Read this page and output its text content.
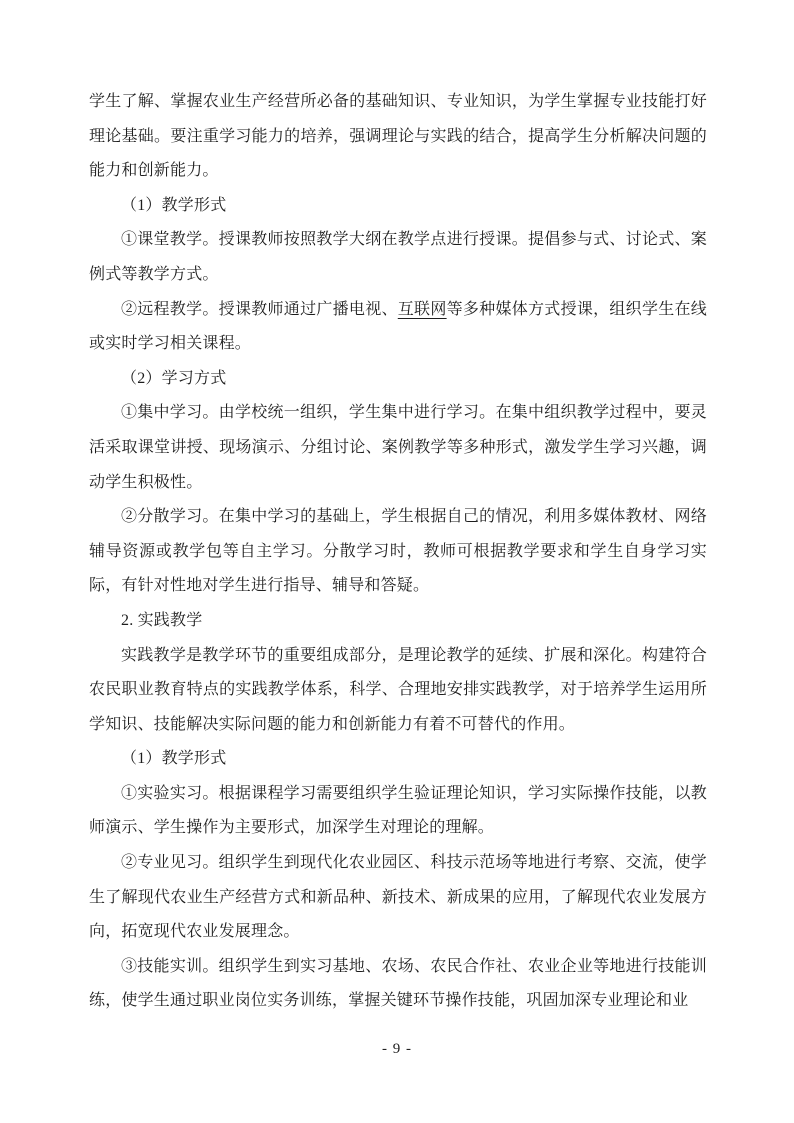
学生了解、掌握农业生产经营所必备的基础知识、专业知识，为学生掌握专业技能打好理论基础。要注重学习能力的培养，强调理论与实践的结合，提高学生分析解决问题的能力和创新能力。

（1）教学形式

①课堂教学。授课教师按照教学大纲在教学点进行授课。提倡参与式、讨论式、案例式等教学方式。

②远程教学。授课教师通过广播电视、互联网等多种媒体方式授课，组织学生在线或实时学习相关课程。

（2）学习方式

①集中学习。由学校统一组织，学生集中进行学习。在集中组织教学过程中，要灵活采取课堂讲授、现场演示、分组讨论、案例教学等多种形式，激发学生学习兴趣，调动学生积极性。

②分散学习。在集中学习的基础上，学生根据自己的情况，利用多媒体教材、网络辅导资源或教学包等自主学习。分散学习时，教师可根据教学要求和学生自身学习实际，有针对性地对学生进行指导、辅导和答疑。

2. 实践教学

实践教学是教学环节的重要组成部分，是理论教学的延续、扩展和深化。构建符合农民职业教育特点的实践教学体系，科学、合理地安排实践教学，对于培养学生运用所学知识、技能解决实际问题的能力和创新能力有着不可替代的作用。

（1）教学形式

①实验实习。根据课程学习需要组织学生验证理论知识，学习实际操作技能，以教师演示、学生操作为主要形式，加深学生对理论的理解。

②专业见习。组织学生到现代化农业园区、科技示范场等地进行考察、交流，使学生了解现代农业生产经营方式和新品种、新技术、新成果的应用，了解现代农业发展方向，拓宽现代农业发展理念。

③技能实训。组织学生到实习基地、农场、农民合作社、农业企业等地进行技能训练，使学生通过职业岗位实务训练，掌握关键环节操作技能，巩固加深专业理论和业

- 9 -
